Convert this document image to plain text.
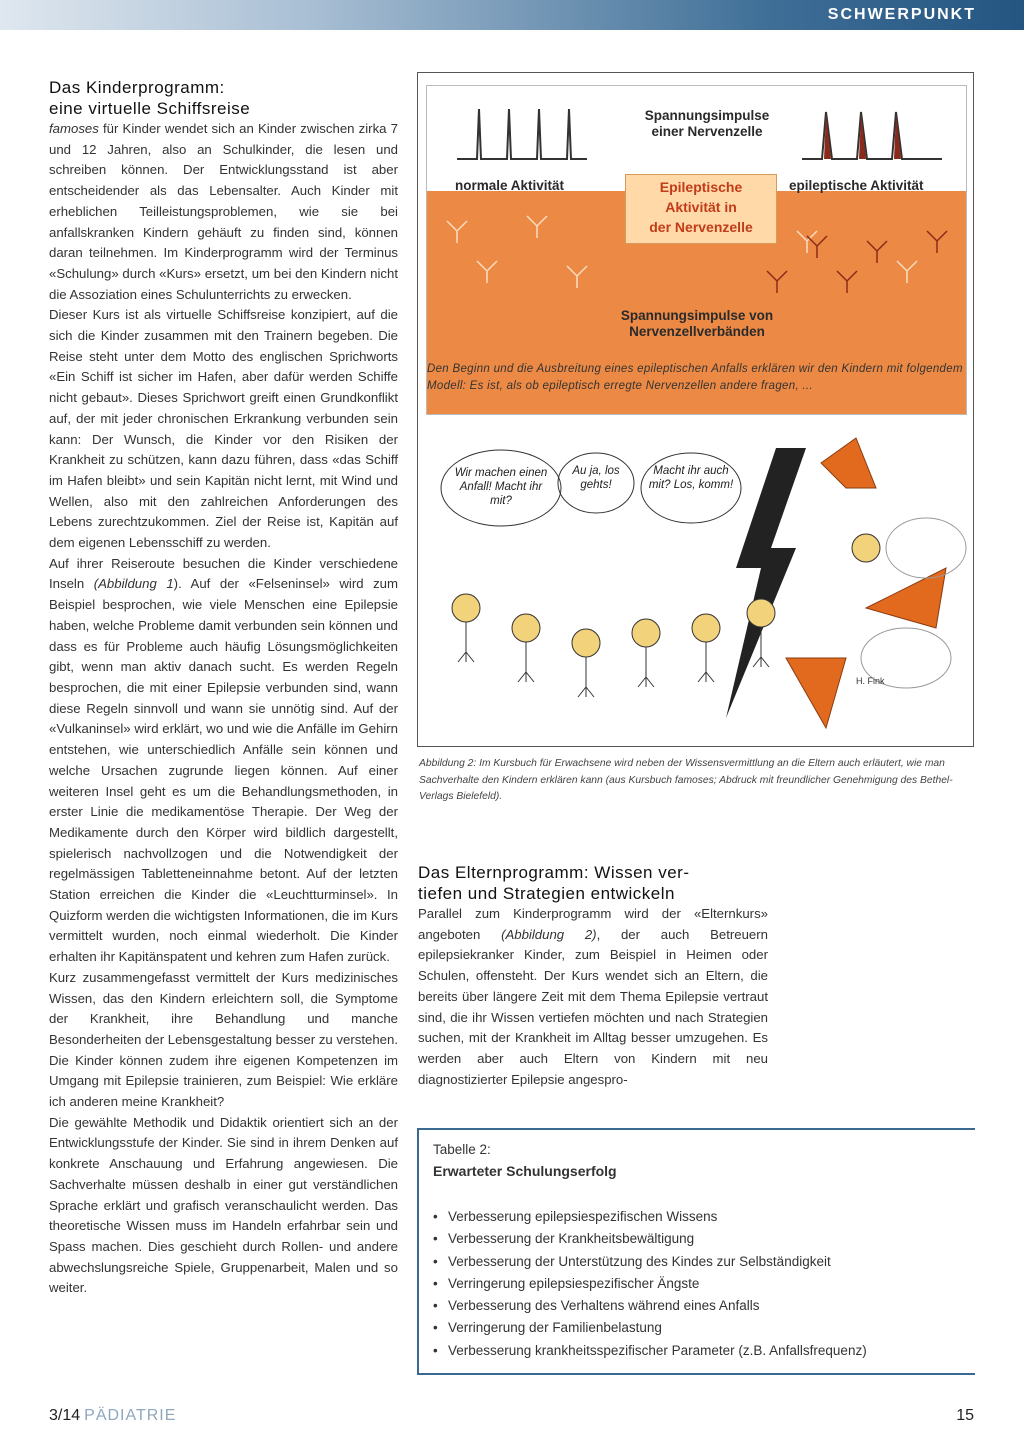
SCHWERPUNKT
Das Kinderprogramm:
eine virtuelle Schiffsreise

famoses für Kinder wendet sich an Kinder zwischen zirka 7 und 12 Jahren, also an Schulkinder, die lesen und schreiben können. Der Entwicklungsstand ist aber entscheidender als das Lebensalter. Auch Kinder mit erheblichen Teilleistungsproblemen, wie sie bei anfallskranken Kindern gehäuft zu finden sind, können daran teilnehmen. Im Kinderprogramm wird der Terminus «Schulung» durch «Kurs» ersetzt, um bei den Kindern nicht die Assoziation eines Schulunterrichts zu erwecken.

Dieser Kurs ist als virtuelle Schiffsreise konzipiert, auf die sich die Kinder zusammen mit den Trainern begeben. Die Reise steht unter dem Motto des englischen Sprichworts «Ein Schiff ist sicher im Hafen, aber dafür werden Schiffe nicht gebaut». Dieses Sprichwort greift einen Grundkonflikt auf, der mit jeder chronischen Erkrankung verbunden sein kann: Der Wunsch, die Kinder vor den Risiken der Krankheit zu schützen, kann dazu führen, dass «das Schiff im Hafen bleibt» und sein Kapitän nicht lernt, mit Wind und Wellen, also mit den zahlreichen Anforderungen des Lebens zurechtzukommen. Ziel der Reise ist, Kapitän auf dem eigenen Lebensschiff zu werden.

Auf ihrer Reiseroute besuchen die Kinder verschiedene Inseln (Abbildung 1). Auf der «Felseninsel» wird zum Beispiel besprochen, wie viele Menschen eine Epilepsie haben, welche Probleme damit verbunden sein können und dass es für Probleme auch häufig Lösungsmöglichkeiten gibt, wenn man aktiv danach sucht. Es werden Regeln besprochen, die mit einer Epilepsie verbunden sind, wann diese Regeln sinnvoll und wann sie unnötig sind. Auf der «Vulkaninsel» wird erklärt, wo und wie die Anfälle im Gehirn entstehen, wie unterschiedlich Anfälle sein können und welche Ursachen zugrunde liegen können. Auf einer weiteren Insel geht es um die Behandlungsmethoden, in erster Linie die medikamentöse Therapie. Der Weg der Medikamente durch den Körper wird bildlich dargestellt, spielerisch nachvollzogen und die Notwendigkeit der regelmässigen Tabletteneinnahme betont. Auf der letzten Station erreichen die Kinder die «Leuchtturminsel». In Quizform werden die wichtigsten Informationen, die im Kurs vermittelt wurden, noch einmal wiederholt. Die Kinder erhalten ihr Kapitänspatent und kehren zum Hafen zurück.

Kurz zusammengefasst vermittelt der Kurs medizinisches Wissen, das den Kindern erleichtern soll, die Symptome der Krankheit, ihre Behandlung und manche Besonderheiten der Lebensgestaltung besser zu verstehen. Die Kinder können zudem ihre eigenen Kompetenzen im Umgang mit Epilepsie trainieren, zum Beispiel: Wie erkläre ich anderen meine Krankheit?

Die gewählte Methodik und Didaktik orientiert sich an der Entwicklungsstufe der Kinder. Sie sind in ihrem Denken auf konkrete Anschauung und Erfahrung angewiesen. Die Sachverhalte müssen deshalb in einer gut verständlichen Sprache erklärt und grafisch veranschaulicht werden. Das theoretische Wissen muss im Handeln erfahrbar sein und Spass machen. Dies geschieht durch Rollen- und andere abwechslungsreiche Spiele, Gruppenarbeit, Malen und so weiter.

Spannungsimpulse
einer Nervenzelle
normale Aktivität	epileptische Aktivität
Epileptische
Aktivität in
der Nervenzelle
Spannungsimpulse von
Nervenzellverbänden
Den Beginn und die Ausbreitung eines epileptischen Anfalls erklären wir den Kindern mit folgendem Modell: Es ist, als ob epileptisch erregte Nervenzellen andere fragen, ...
Wir machen einen Anfall! Macht ihr mit?
Au ja, los gehts!
Macht ihr auch mit? Los, komm!
H. Fink
Abbildung 2: Im Kursbuch für Erwachsene wird neben der Wissensvermittlung an die Eltern auch erläutert, wie man Sachverhalte den Kindern erklären kann (aus Kursbuch famoses; Abdruck mit freundlicher Genehmigung des Bethel-Verlags Bielefeld).
Das Elternprogramm: Wissen ver-
tiefen und Strategien entwickeln

Parallel zum Kinderprogramm wird der «Elternkurs» angeboten (Abbildung 2), der auch Betreuern epilepsiekranker Kinder, zum Beispiel in Heimen oder Schulen, offensteht. Der Kurs wendet sich an Eltern, die bereits über längere Zeit mit dem Thema Epilepsie vertraut sind, die ihr Wissen vertiefen möchten und nach Strategien suchen, mit der Krankheit im Alltag besser umzugehen. Es werden aber auch Eltern von Kindern mit neu diagnostizierter Epilepsie angespro-

Tabelle 2:
Erwarteter Schulungserfolg
• Verbesserung epilepsiespezifischen Wissens
• Verbesserung der Krankheitsbewältigung
• Verbesserung der Unterstützung des Kindes zur Selbständigkeit
• Verringerung epilepsiespezifischer Ängste
• Verbesserung des Verhaltens während eines Anfalls
• Verringerung der Familienbelastung
• Verbesserung krankheitsspezifischer Parameter (z.B. Anfallsfrequenz)
3/14 PÄDIATRIE	15
